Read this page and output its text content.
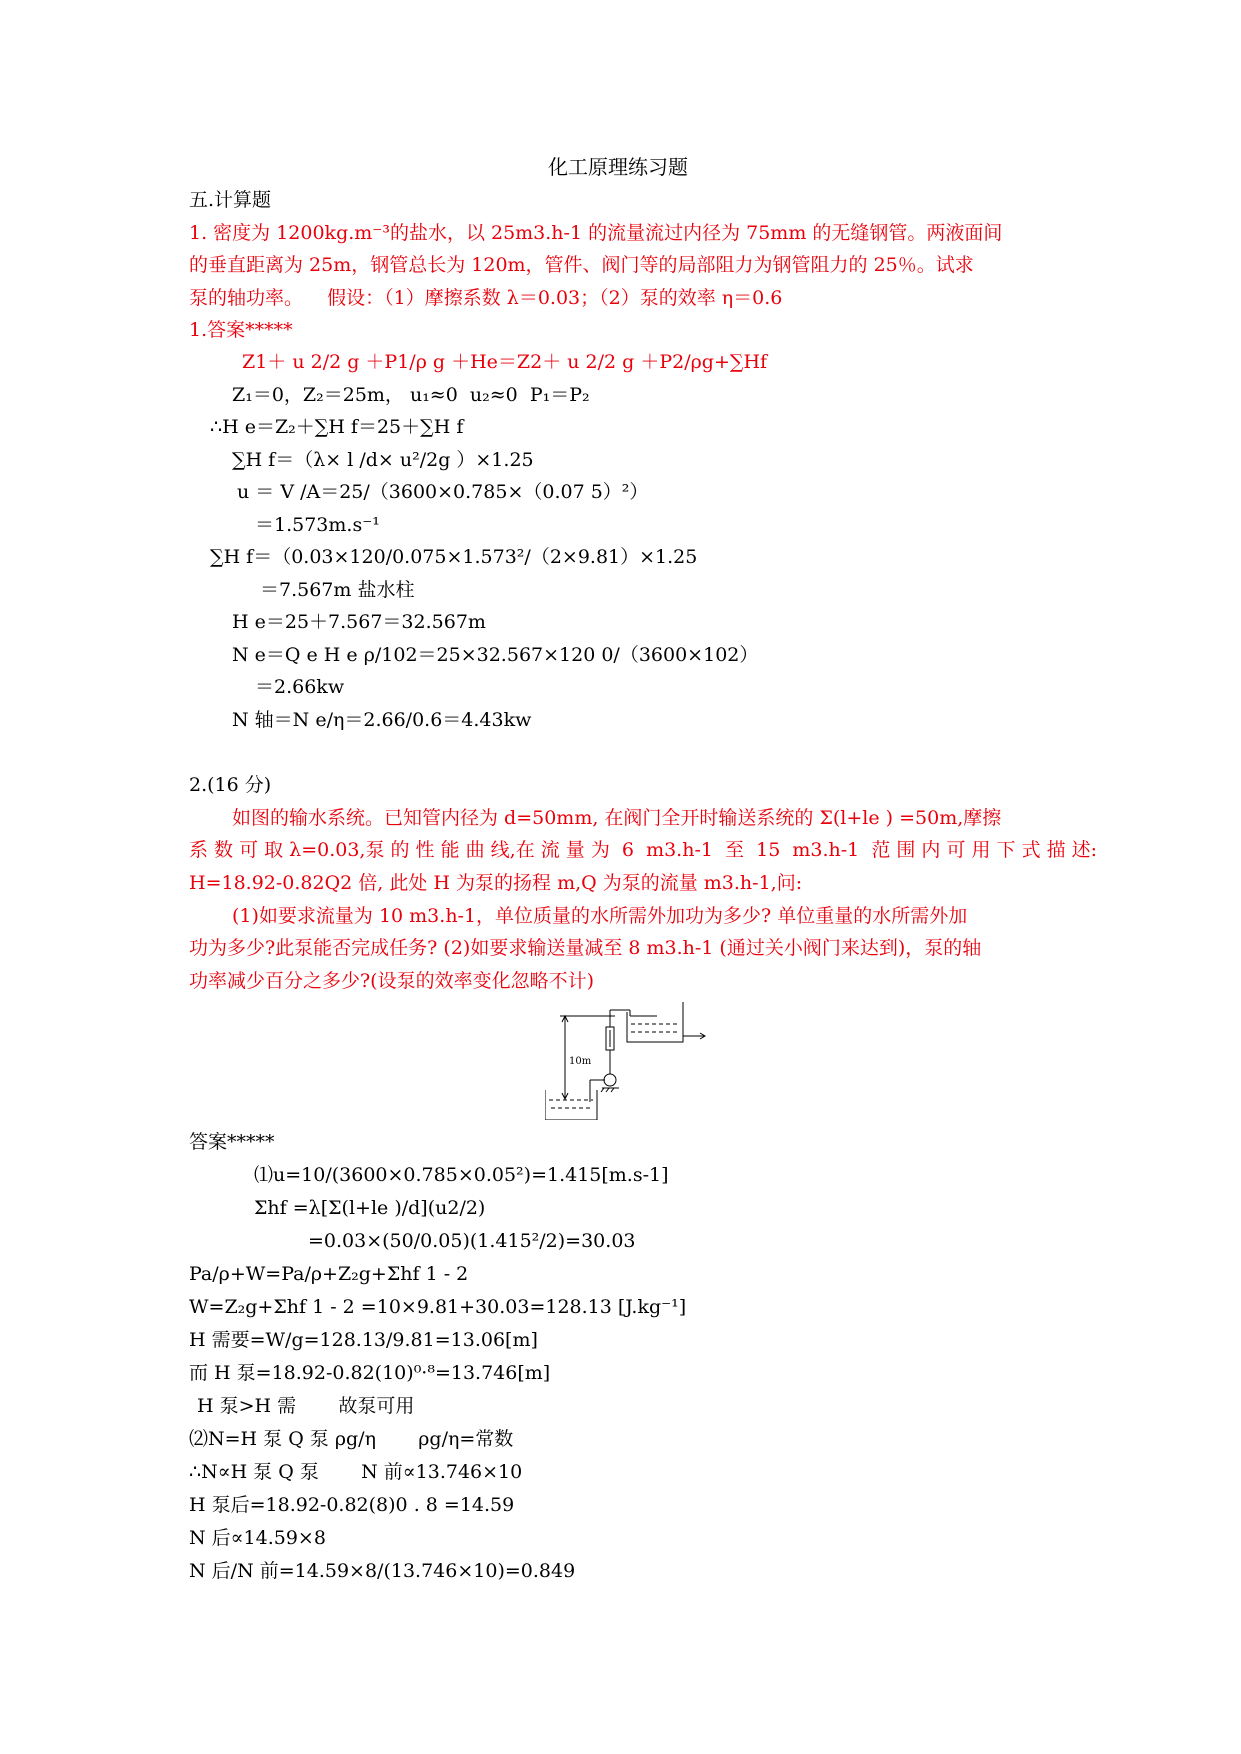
化工原理练习题
五.计算题
1. 密度为 1200kg.m⁻³的盐水，以 25m3.h-1 的流量流过内径为 75mm 的无缝钢管。两液面间
的垂直距离为 25m，钢管总长为 120m，管件、阀门等的局部阻力为钢管阻力的 25％。试求
泵的轴功率。    假设：（1）摩擦系数 λ＝0.03；（2）泵的效率 η＝0.6
1.答案*****
Z1＋ u 2/2 g ＋P1/ρ g ＋He＝Z2＋ u 2/2 g ＋P2/ρg+∑Hf
Z₁＝0，Z₂＝25m， u₁≈0  u₂≈0  P₁＝P₂
∴H e＝Z₂＋∑H f＝25＋∑H f
∑H f＝（λ× l /d× u²/2g ）×1.25
u ＝ V /A＝25/（3600×0.785×（0.07 5）²）
＝1.573m.s⁻¹
∑H f＝（0.03×120/0.075×1.573²/（2×9.81）×1.25
＝7.567m 盐水柱
H e＝25＋7.567＝32.567m
N e＝Q e H e ρ/102＝25×32.567×120 0/（3600×102）
＝2.66kw
N 轴＝N e/η＝2.66/0.6＝4.43kw
2.(16 分)
如图的输水系统。已知管内径为 d=50mm, 在阀门全开时输送系统的 Σ(l+le ) =50m,摩擦
系 数 可 取 λ=0.03,泵 的 性 能 曲 线,在 流 量 为  6  m3.h-1  至  15  m3.h-1  范 围 内 可 用 下 式 描 述:
H=18.92-0.82Q2 倍, 此处 H 为泵的扬程 m,Q 为泵的流量 m3.h-1,问:
(1)如要求流量为 10 m3.h-1，单位质量的水所需外加功为多少? 单位重量的水所需外加
功为多少?此泵能否完成任务? (2)如要求输送量减至 8 m3.h-1 (通过关小阀门来达到)，泵的轴
功率减少百分之多少?(设泵的效率变化忽略不计)
10m
答案*****
⑴u=10/(3600×0.785×0.05²)=1.415[m.s-1]
Σhf =λ[Σ(l+le )/d](u2/2)
=0.03×(50/0.05)(1.415²/2)=30.03
Pa/ρ+W=Pa/ρ+Z₂g+Σhf 1 - 2
W=Z₂g+Σhf 1 - 2 =10×9.81+30.03=128.13 [J.kg⁻¹]
H 需要=W/g=128.13/9.81=13.06[m]
而 H 泵=18.92-0.82(10)⁰·⁸=13.746[m]
H 泵>H 需       故泵可用
⑵N=H 泵 Q 泵 ρg/η       ρg/η=常数
∴N∝H 泵 Q 泵       N 前∝13.746×10
H 泵后=18.92-0.82(8)0 . 8 =14.59
N 后∝14.59×8
N 后/N 前=14.59×8/(13.746×10)=0.849
